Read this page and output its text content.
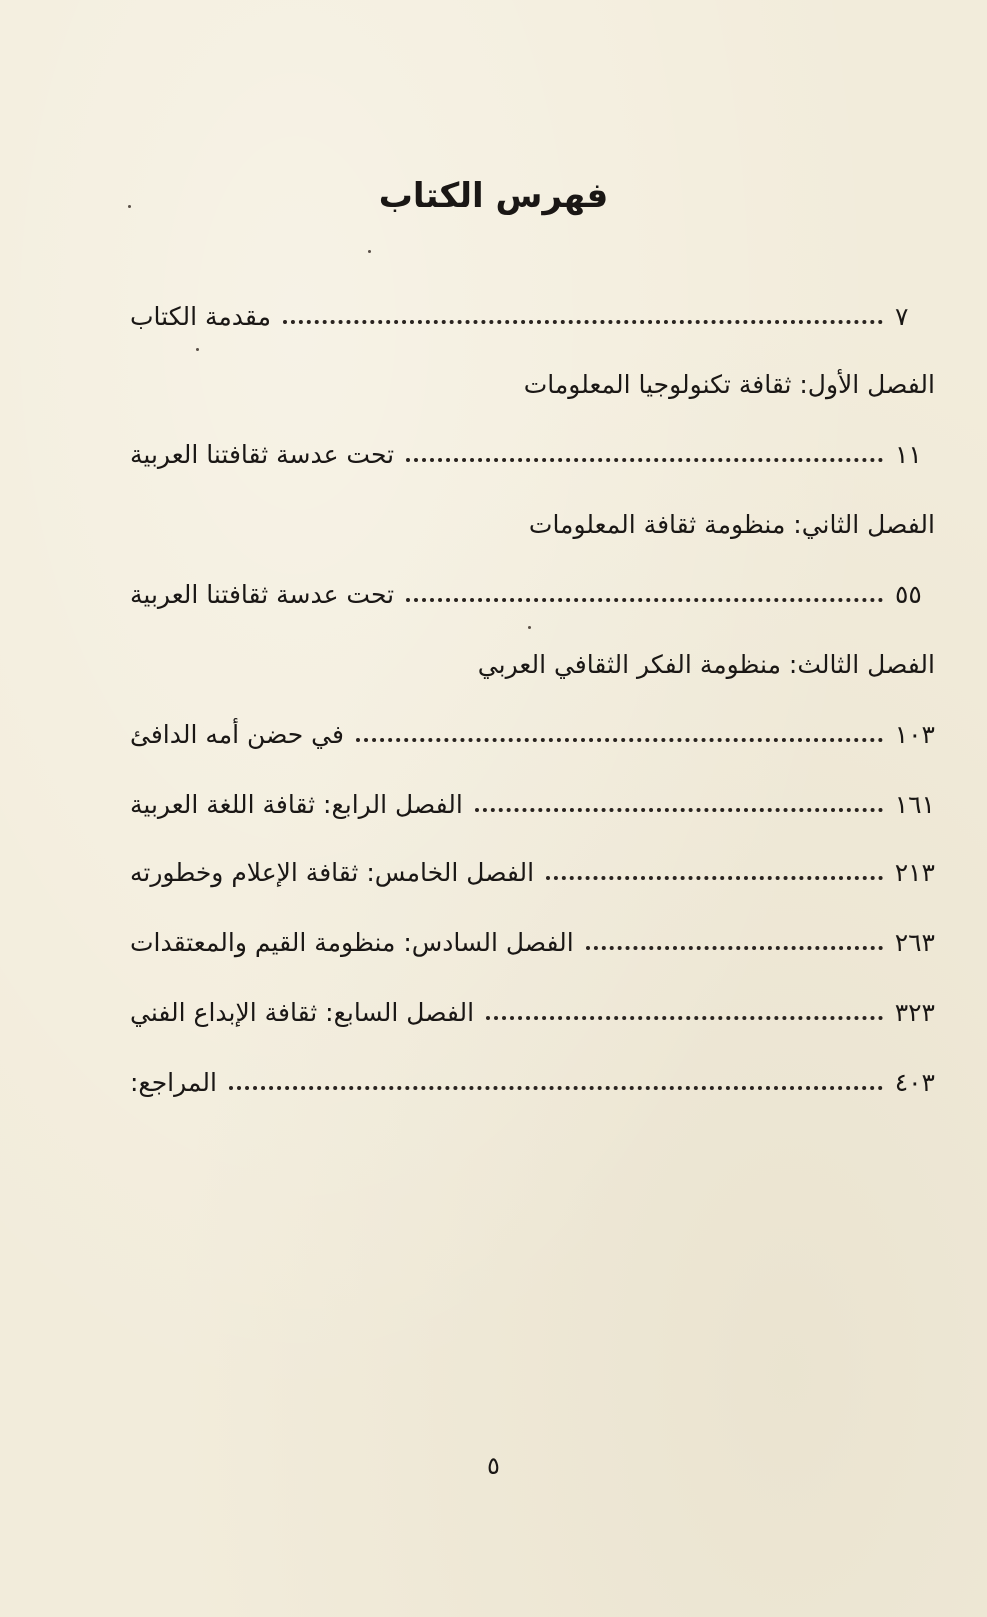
فهرس الكتاب
مقدمة الكتاب	٧
الفصل الأول: ثقافة تكنولوجيا المعلومات
تحت عدسة ثقافتنا العربية	١١
الفصل الثاني: منظومة ثقافة المعلومات
تحت عدسة ثقافتنا العربية	٥٥
الفصل الثالث: منظومة الفكر الثقافي العربي
في حضن أمه الدافئ	١٠٣
الفصل الرابع: ثقافة اللغة العربية	١٦١
الفصل الخامس: ثقافة الإعلام وخطورته	٢١٣
الفصل السادس: منظومة القيم والمعتقدات	٢٦٣
الفصل السابع: ثقافة الإبداع الفني	٣٢٣
المراجع:	٤٠٣
٥
